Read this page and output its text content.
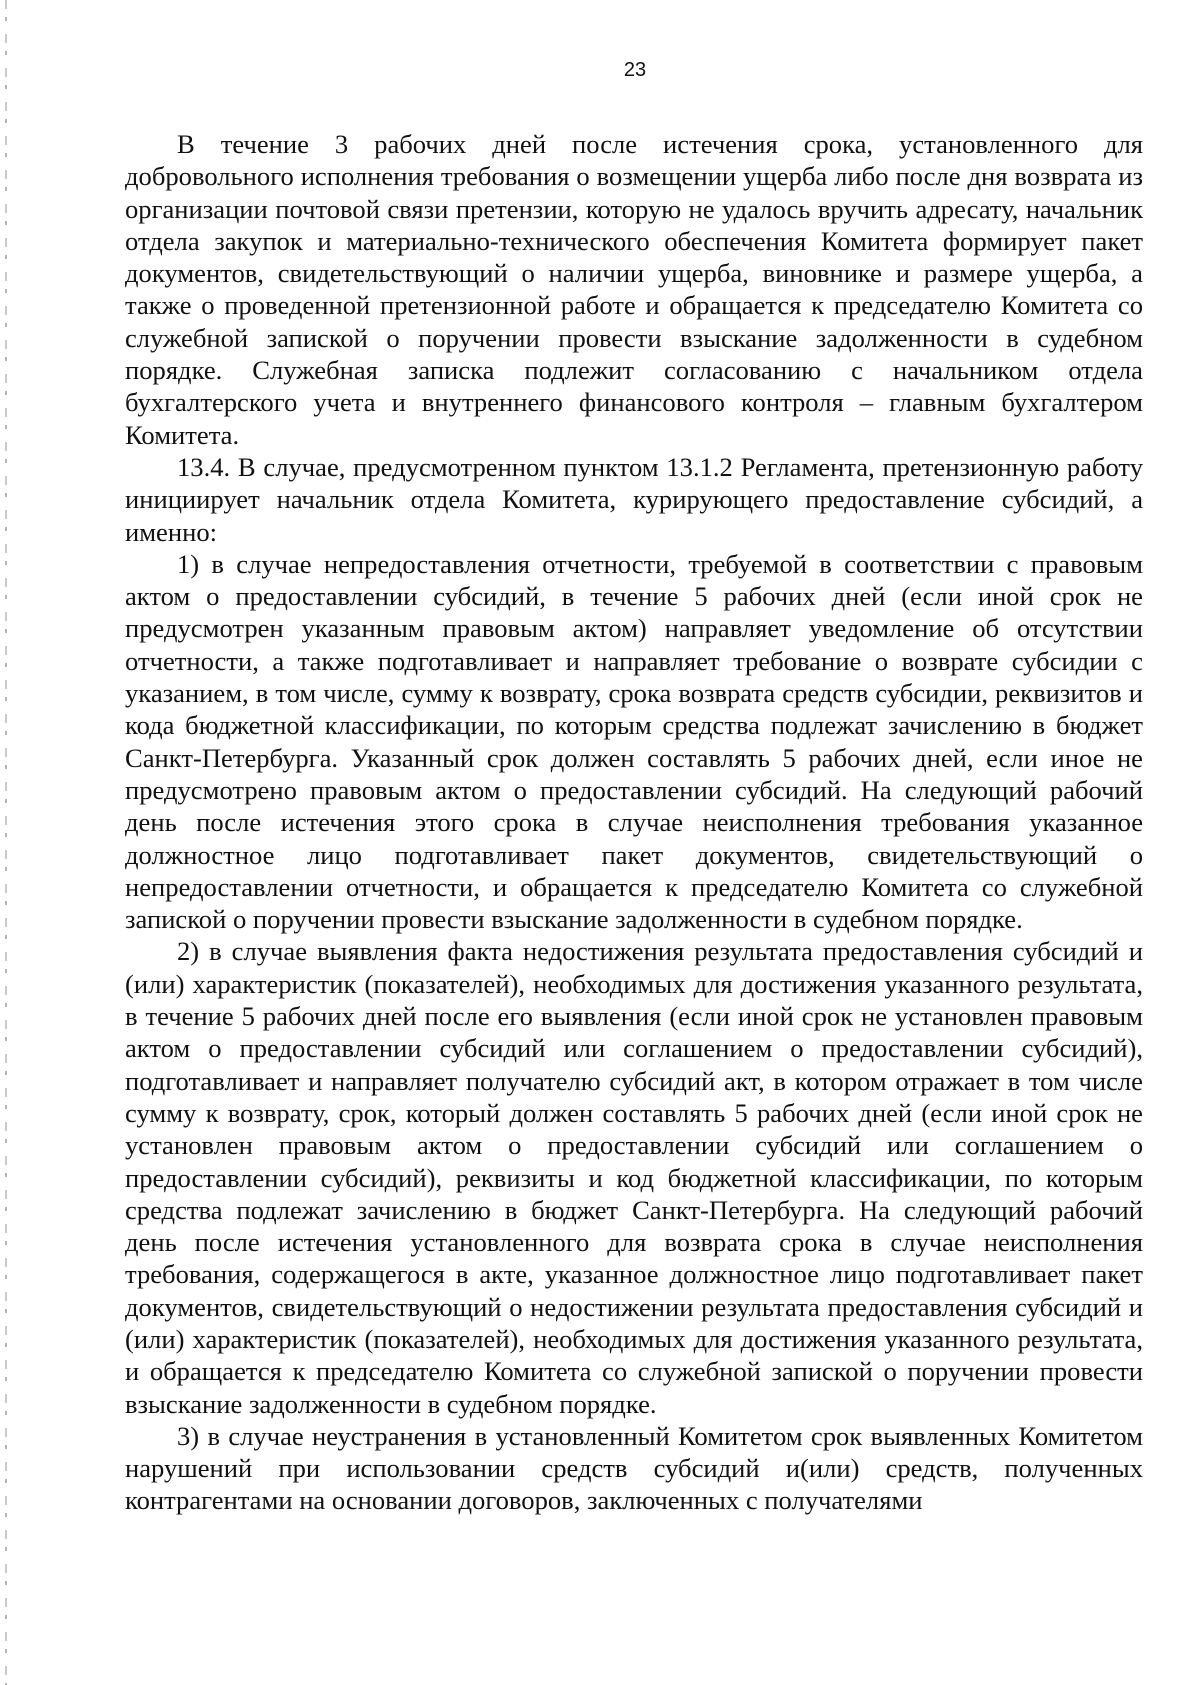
23

В течение 3 рабочих дней после истечения срока, установленного для добровольного исполнения требования о возмещении ущерба либо после дня возврата из организации почтовой связи претензии, которую не удалось вручить адресату, начальник отдела закупок и материально-технического обеспечения Комитета формирует пакет документов, свидетельствующий о наличии ущерба, виновнике и размере ущерба, а также о проведенной претензионной работе и обращается к председателю Комитета со служебной запиской о поручении провести взыскание задолженности в судебном порядке. Служебная записка подлежит согласованию с начальником отдела бухгалтерского учета и внутреннего финансового контроля – главным бухгалтером Комитета.

13.4. В случае, предусмотренном пунктом 13.1.2 Регламента, претензионную работу инициирует начальник отдела Комитета, курирующего предоставление субсидий, а именно:

1) в случае непредоставления отчетности, требуемой в соответствии с правовым актом о предоставлении субсидий, в течение 5 рабочих дней (если иной срок не предусмотрен указанным правовым актом) направляет уведомление об отсутствии отчетности, а также подготавливает и направляет требование о возврате субсидии с указанием, в том числе, сумму к возврату, срока возврата средств субсидии, реквизитов и кода бюджетной классификации, по которым средства подлежат зачислению в бюджет Санкт-Петербурга. Указанный срок должен составлять 5 рабочих дней, если иное не предусмотрено правовым актом о предоставлении субсидий. На следующий рабочий день после истечения этого срока в случае неисполнения требования указанное должностное лицо подготавливает пакет документов, свидетельствующий о непредоставлении отчетности, и обращается к председателю Комитета со служебной запиской о поручении провести взыскание задолженности в судебном порядке.

2) в случае выявления факта недостижения результата предоставления субсидий и (или) характеристик (показателей), необходимых для достижения указанного результата, в течение 5 рабочих дней после его выявления (если иной срок не установлен правовым актом о предоставлении субсидий или соглашением о предоставлении субсидий), подготавливает и направляет получателю субсидий акт, в котором отражает в том числе сумму к возврату, срок, который должен составлять 5 рабочих дней (если иной срок не установлен правовым актом о предоставлении субсидий или соглашением о предоставлении субсидий), реквизиты и код бюджетной классификации, по которым средства подлежат зачислению в бюджет Санкт-Петербурга. На следующий рабочий день после истечения установленного для возврата срока в случае неисполнения требования, содержащегося в акте, указанное должностное лицо подготавливает пакет документов, свидетельствующий о недостижении результата предоставления субсидий и (или) характеристик (показателей), необходимых для достижения указанного результата, и обращается к председателю Комитета со служебной запиской о поручении провести взыскание задолженности в судебном порядке.

3) в случае неустранения в установленный Комитетом срок выявленных Комитетом нарушений при использовании средств субсидий и(или) средств, полученных контрагентами на основании договоров, заключенных с получателями
